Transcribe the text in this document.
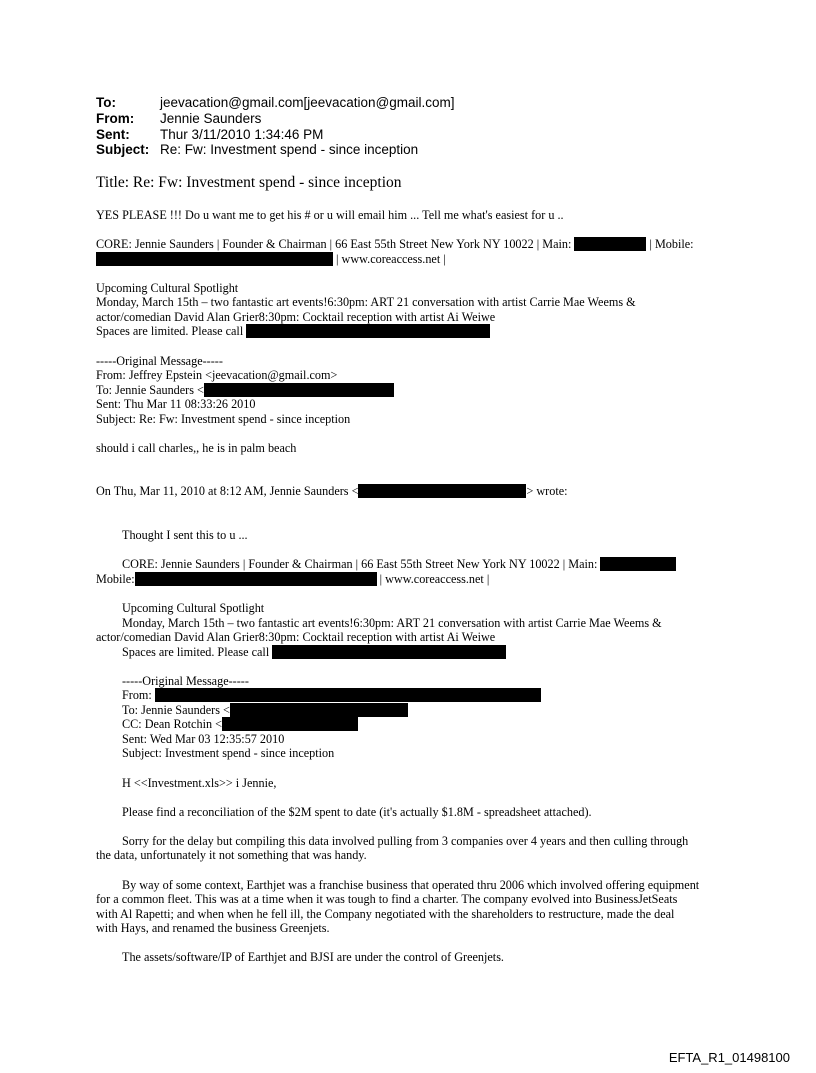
To:	jeevacation@gmail.com[jeevacation@gmail.com]
From:	Jennie Saunders
Sent:	Thur 3/11/2010 1:34:46 PM
Subject: Re: Fw: Investment spend - since inception
Title: Re: Fw: Investment spend - since inception
YES PLEASE !!! Do u want me to get his # or u will email him ... Tell me what's easiest for u ..
CORE: Jennie Saunders | Founder & Chairman | 66 East 55th Street New York NY 10022 | Main:	| Mobile:
| www.coreaccess.net |
Upcoming Cultural Spotlight
Monday, March 15th – two fantastic art events!6:30pm: ART 21 conversation with artist Carrie Mae Weems &
actor/comedian David Alan Grier8:30pm: Cocktail reception with artist Ai Weiwe
Spaces are limited. Please call
-----Original Message-----
From: Jeffrey Epstein <jeevacation@gmail.com>
To: Jennie Saunders <
Sent: Thu Mar 11 08:33:26 2010
Subject: Re: Fw: Investment spend - since inception
should i call charles,, he is in palm beach
On Thu, Mar 11, 2010 at 8:12 AM, Jennie Saunders <	> wrote:
Thought I sent this to u ...
CORE: Jennie Saunders | Founder & Chairman | 66 East 55th Street New York NY 10022 | Main:
Mobile:	| www.coreaccess.net |
Upcoming Cultural Spotlight
Monday, March 15th – two fantastic art events!6:30pm: ART 21 conversation with artist Carrie Mae Weems &
actor/comedian David Alan Grier8:30pm: Cocktail reception with artist Ai Weiwe
Spaces are limited. Please call
-----Original Message-----
From:
To: Jennie Saunders <
CC: Dean Rotchin <
Sent: Wed Mar 03 12:35:57 2010
Subject: Investment spend - since inception
H <<Investment.xls>> i Jennie,
Please find a reconciliation of the $2M spent to date (it's actually $1.8M - spreadsheet attached).
Sorry for the delay but compiling this data involved pulling from 3 companies over 4 years and then culling through
the data, unfortunately it not something that was handy.
By way of some context, Earthjet was a franchise business that operated thru 2006 which involved offering equipment
for a common fleet. This was at a time when it was tough to find a charter. The company evolved into BusinessJetSeats
with Al Rapetti; and when when he fell ill, the Company negotiated with the shareholders to restructure, made the deal
with Hays, and renamed the business Greenjets.
The assets/software/IP of Earthjet and BJSI are under the control of Greenjets.
EFTA_R1_01498100
